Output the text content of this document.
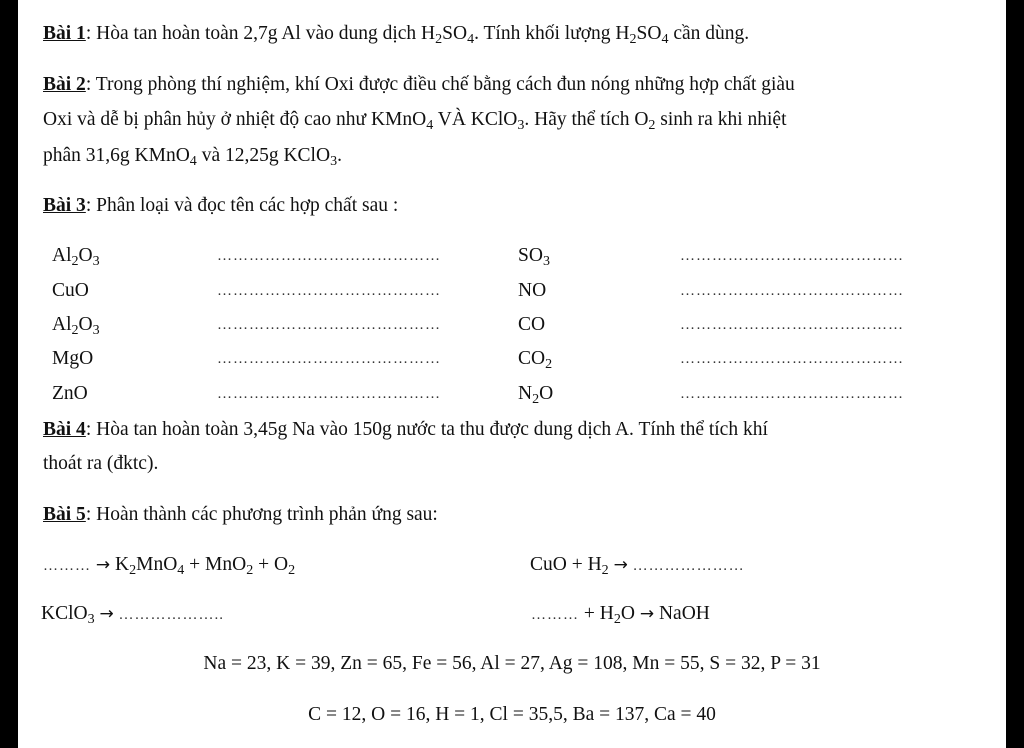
Bài 1: Hòa tan hoàn toàn 2,7g Al vào dung dịch $H_2SO_4$. Tính khối lượng $H_2SO_4$ cần dùng.
Bài 2: Trong phòng thí nghiệm, khí Oxi được điều chế bằng cách đun nóng những hợp chất giàu
Oxi và dễ bị phân hủy ở nhiệt độ cao như KMnO$_4$ VÀ KClO$_3$. Hãy thể tích $O_2$ sinh ra khi nhiệt
phân 31,6g KMnO$_4$ và 12,25g KClO$_3$.
Bài 3: Phân loại và đọc tên các hợp chất sau :
$Al_2O_3$	……………………………………	$SO_3$	……………………………………
CuO	……………………………………	NO	……………………………………
$Al_2O_3$	……………………………………	CO	……………………………………
MgO	……………………………………	$CO_2$	……………………………………
ZnO	……………………………………	$N_2O$	……………………………………
Bài 4: Hòa tan hoàn toàn 3,45g Na vào 150g nước ta thu được dung dịch A. Tính thể tích khí
thoát ra (đktc).
Bài 5: Hoàn thành các phương trình phản ứng sau:
……… → $K_2MnO_4 + MnO_2 + O_2$	CuO + $H_2$ → …………………
KClO$_3$ → ………………..	……… + $H_2O$ → NaOH
Na = 23, K = 39, Zn = 65, Fe = 56, Al = 27, Ag = 108, Mn = 55, S = 32, P = 31
C = 12, O = 16, H = 1, Cl = 35,5, Ba = 137, Ca = 40
